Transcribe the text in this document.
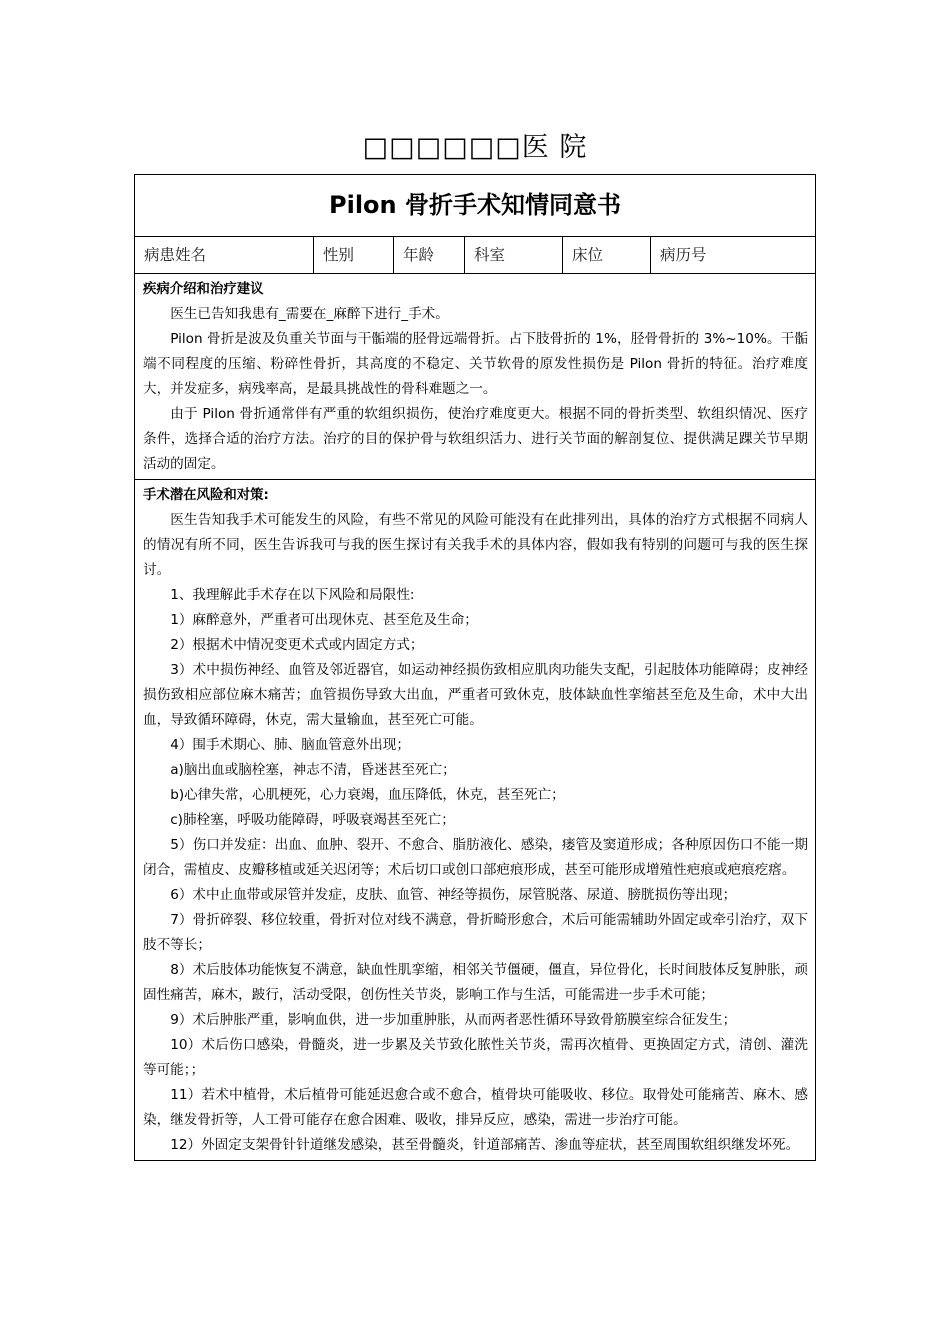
□□□□□□医 院
Pilon 骨折手术知情同意书
病患姓名	性别	年龄	科室	床位	病历号
疾病介绍和治疗建议

医生已告知我患有_需要在_麻醉下进行_手术。

Pilon 骨折是波及负重关节面与干骺端的胫骨远端骨折。占下肢骨折的 1%，胫骨骨折的 3%~10%。干骺端不同程度的压缩、粉碎性骨折，其高度的不稳定、关节软骨的原发性损伤是 Pilon 骨折的特征。治疗难度大，并发症多，病残率高，是最具挑战性的骨科难题之一。

由于 Pilon 骨折通常伴有严重的软组织损伤，使治疗难度更大。根据不同的骨折类型、软组织情况、医疗条件，选择合适的治疗方法。治疗的目的保护骨与软组织活力、进行关节面的解剖复位、提供满足踝关节早期活动的固定。

手术潜在风险和对策:

医生告知我手术可能发生的风险，有些不常见的风险可能没有在此排列出，具体的治疗方式根据不同病人的情况有所不同，医生告诉我可与我的医生探讨有关我手术的具体内容，假如我有特别的问题可与我的医生探讨。

1、我理解此手术存在以下风险和局限性:

1）麻醉意外，严重者可出现休克、甚至危及生命；

2）根据术中情况变更术式或内固定方式；

3）术中损伤神经、血管及邻近器官，如运动神经损伤致相应肌肉功能失支配，引起肢体功能障碍；皮神经损伤致相应部位麻木痛苦；血管损伤导致大出血，严重者可致休克，肢体缺血性挛缩甚至危及生命，术中大出血，导致循环障碍，休克，需大量输血，甚至死亡可能。

4）围手术期心、肺、脑血管意外出现；

a)脑出血或脑栓塞，神志不清，昏迷甚至死亡；

b)心律失常，心肌梗死，心力衰竭，血压降低，休克，甚至死亡；

c)肺栓塞，呼吸功能障碍，呼吸衰竭甚至死亡；

5）伤口并发症：出血、血肿、裂开、不愈合、脂肪液化、感染，瘘管及窦道形成；各种原因伤口不能一期闭合，需植皮、皮瓣移植或延关迟闭等；术后切口或创口部疤痕形成，甚至可能形成增殖性疤痕或疤痕疙瘩。

6）术中止血带或尿管并发症，皮肤、血管、神经等损伤，尿管脱落、尿道、膀胱损伤等出现；

7）骨折碎裂、移位较重，骨折对位对线不满意，骨折畸形愈合，术后可能需辅助外固定或牵引治疗，双下肢不等长；

8）术后肢体功能恢复不满意，缺血性肌挛缩，相邻关节僵硬，僵直，异位骨化，长时间肢体反复肿胀，顽固性痛苦，麻木，跛行，活动受限，创伤性关节炎，影响工作与生活，可能需进一步手术可能；

9）术后肿胀严重，影响血供，进一步加重肿胀，从而两者恶性循环导致骨筋膜室综合征发生；

10）术后伤口感染，骨髓炎，进一步累及关节致化脓性关节炎，需再次植骨、更换固定方式，清创、灌洗等可能；；

11）若术中植骨，术后植骨可能延迟愈合或不愈合，植骨块可能吸收、移位。取骨处可能痛苦、麻木、感染，继发骨折等，人工骨可能存在愈合困难、吸收，排异反应，感染，需进一步治疗可能。

12）外固定支架骨针针道继发感染，甚至骨髓炎，针道部痛苦、渗血等症状，甚至周围软组织继发坏死。
